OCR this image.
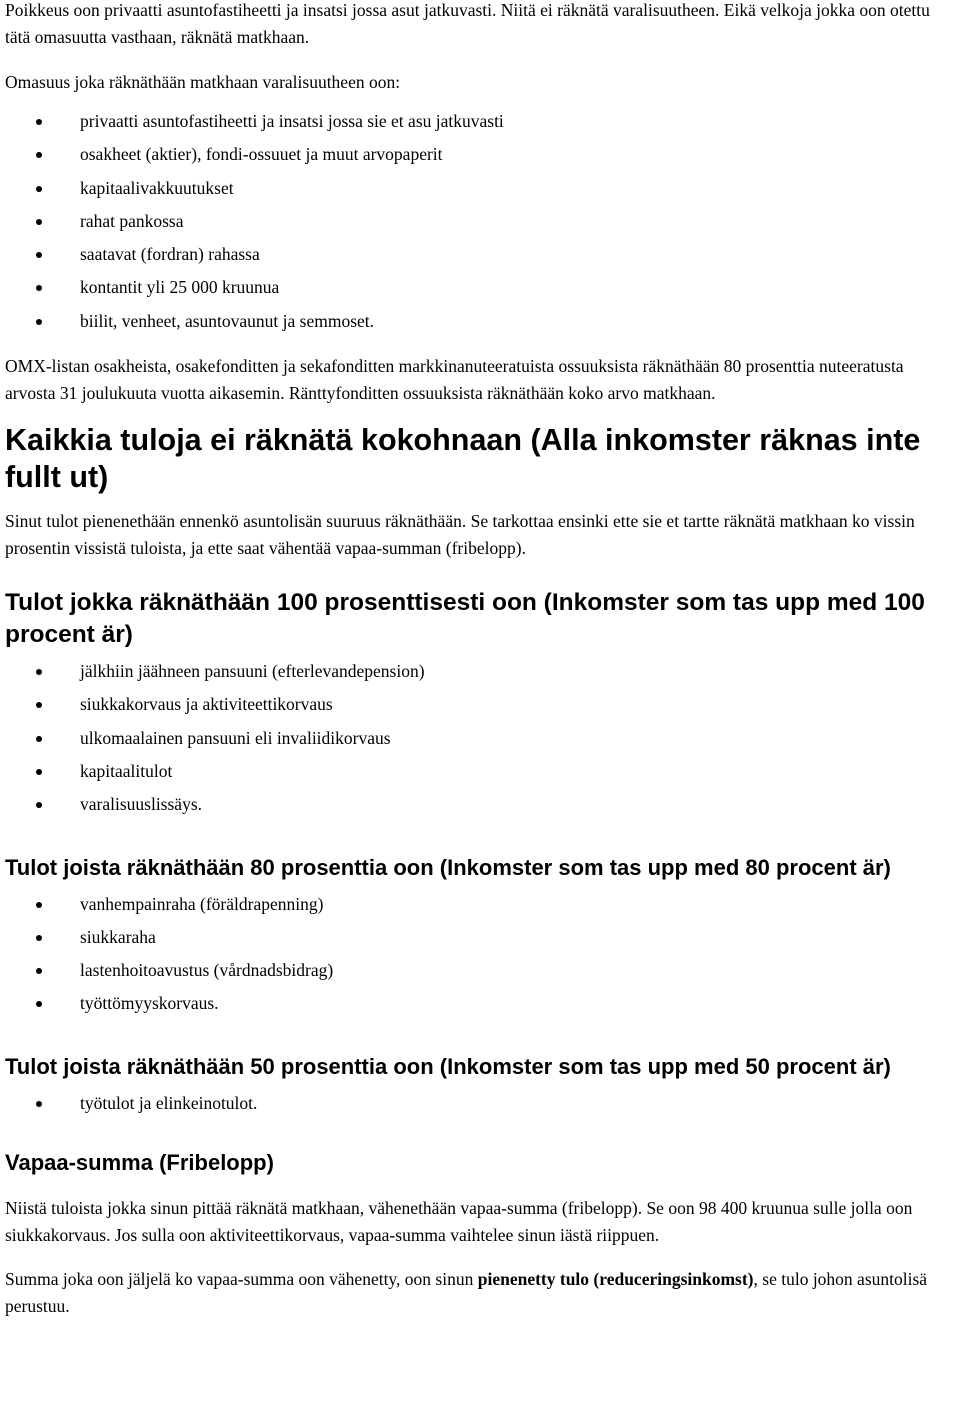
Poikkeus oon privaatti asuntofastiheetti ja insatsi jossa asut jatkuvasti. Niitä ei räknätä varalisuutheen. Eikä velkoja jokka oon otettu tätä omasuutta vasthaan, räknätä matkhaan.

Omasuus joka räknäthään matkhaan varalisuutheen oon:

privaatti asuntofastiheetti ja insatsi jossa sie et asu jatkuvasti
osakheet (aktier), fondi-ossuuet ja muut arvopaperit
kapitaalivakkuutukset
rahat pankossa
saatavat (fordran) rahassa
kontantit yli 25 000 kruunua
biilit, venheet, asuntovaunut ja semmoset.

OMX-listan osakheista, osakefonditten ja sekafonditten markkinanuteeratuista ossuuksista räknäthään 80 prosenttia nuteeratusta arvosta 31 joulukuuta vuotta aikasemin. Ränttyfonditten ossuuksista räknäthään koko arvo matkhaan.

Kaikkia tuloja ei räknätä kokohnaan (Alla inkomster räknas inte fullt ut)

Sinut tulot pienenethään ennenkö asuntolisän suuruus räknäthään. Se tarkottaa ensinki ette sie et tartte räknätä matkhaan ko vissin prosentin vissistä tuloista, ja ette saat vähentää vapaa-summan (fribelopp).

Tulot jokka räknäthään 100 prosenttisesti oon (Inkomster som tas upp med 100 procent är)
jälkhiin jäähneen pansuuni (efterlevandepension)
siukkakorvaus ja aktiviteettikorvaus
ulkomaalainen pansuuni eli invaliidikorvaus
kapitaalitulot
varalisuuslissäys.
Tulot joista räknäthään 80 prosenttia oon (Inkomster som tas upp med 80 procent är)
vanhempainraha (föräldrapenning)
siukkaraha
lastenhoitoavustus (vårdnadsbidrag)
työttömyyskorvaus.
Tulot joista räknäthään 50 prosenttia oon (Inkomster som tas upp med 50 procent är)
työtulot ja elinkeinotulot.
Vapaa-summa (Fribelopp)

Niistä tuloista jokka sinun pittää räknätä matkhaan, vähenethään vapaa-summa (fribelopp). Se oon 98 400 kruunua sulle jolla oon siukkakorvaus. Jos sulla oon aktiviteettikorvaus, vapaa-summa vaihtelee sinun iästä riippuen.

Summa joka oon jäljelä ko vapaa-summa oon vähenetty, oon sinun pienenetty tulo (reduceringsinkomst), se tulo johon asuntolisä perustuu.
